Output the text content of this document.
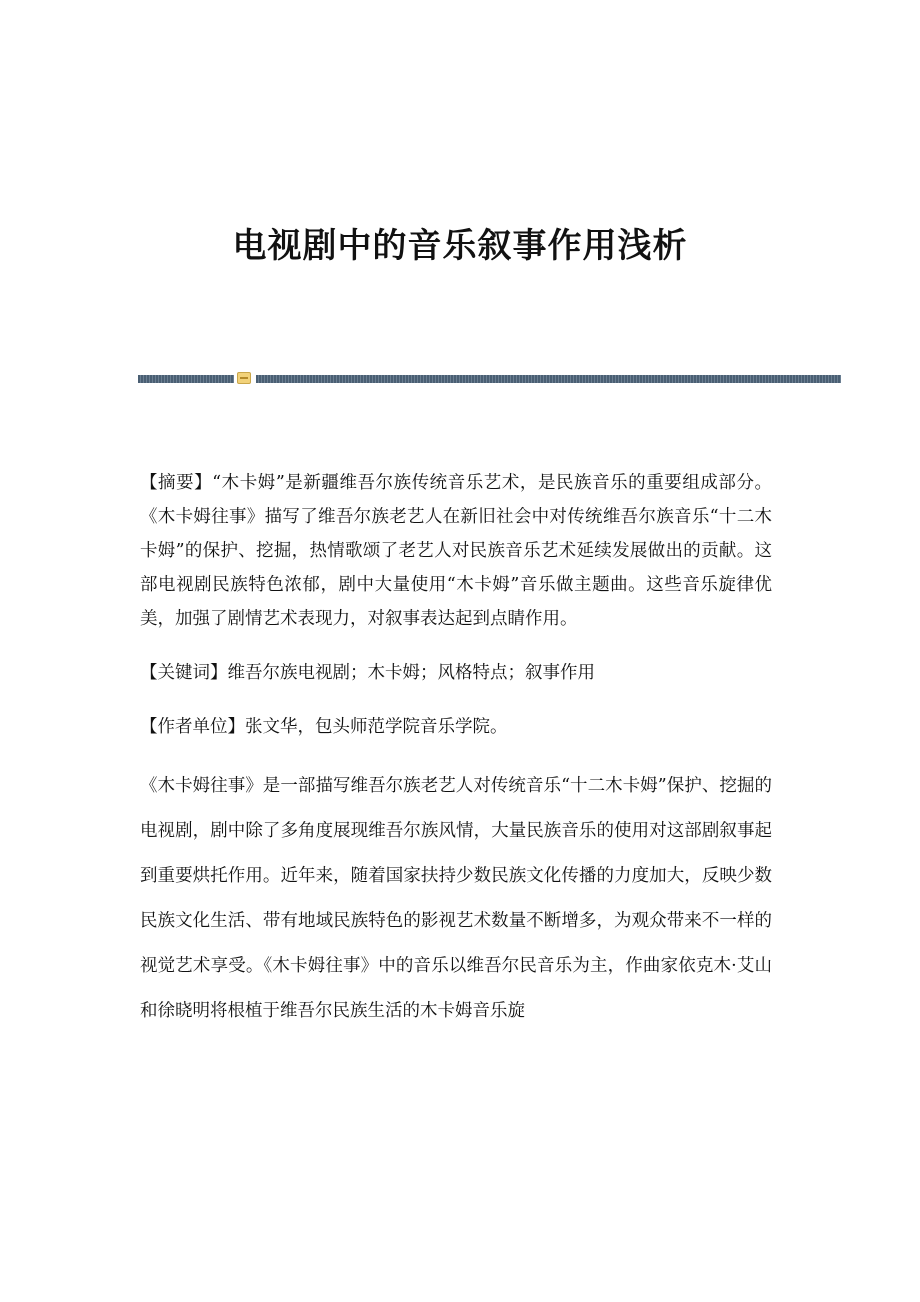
电视剧中的音乐叙事作用浅析

【摘要】“木卡姆”是新疆维吾尔族传统音乐艺术，是民族音乐的重要组成部分。《木卡姆往事》描写了维吾尔族老艺人在新旧社会中对传统维吾尔族音乐“十二木卡姆”的保护、挖掘，热情歌颂了老艺人对民族音乐艺术延续发展做出的贡献。这部电视剧民族特色浓郁，剧中大量使用“木卡姆”音乐做主题曲。这些音乐旋律优美，加强了剧情艺术表现力，对叙事表达起到点睛作用。

【关键词】维吾尔族电视剧；木卡姆；风格特点；叙事作用

【作者单位】张文华，包头师范学院音乐学院。

《木卡姆往事》是一部描写维吾尔族老艺人对传统音乐“十二木卡姆”保护、挖掘的电视剧，剧中除了多角度展现维吾尔族风情，大量民族音乐的使用对这部剧叙事起到重要烘托作用。近年来，随着国家扶持少数民族文化传播的力度加大，反映少数民族文化生活、带有地域民族特色的影视艺术数量不断增多，为观众带来不一样的视觉艺术享受。《木卡姆往事》中的音乐以维吾尔民音乐为主，作曲家依克木·艾山和徐晓明将根植于维吾尔民族生活的木卡姆音乐旋
